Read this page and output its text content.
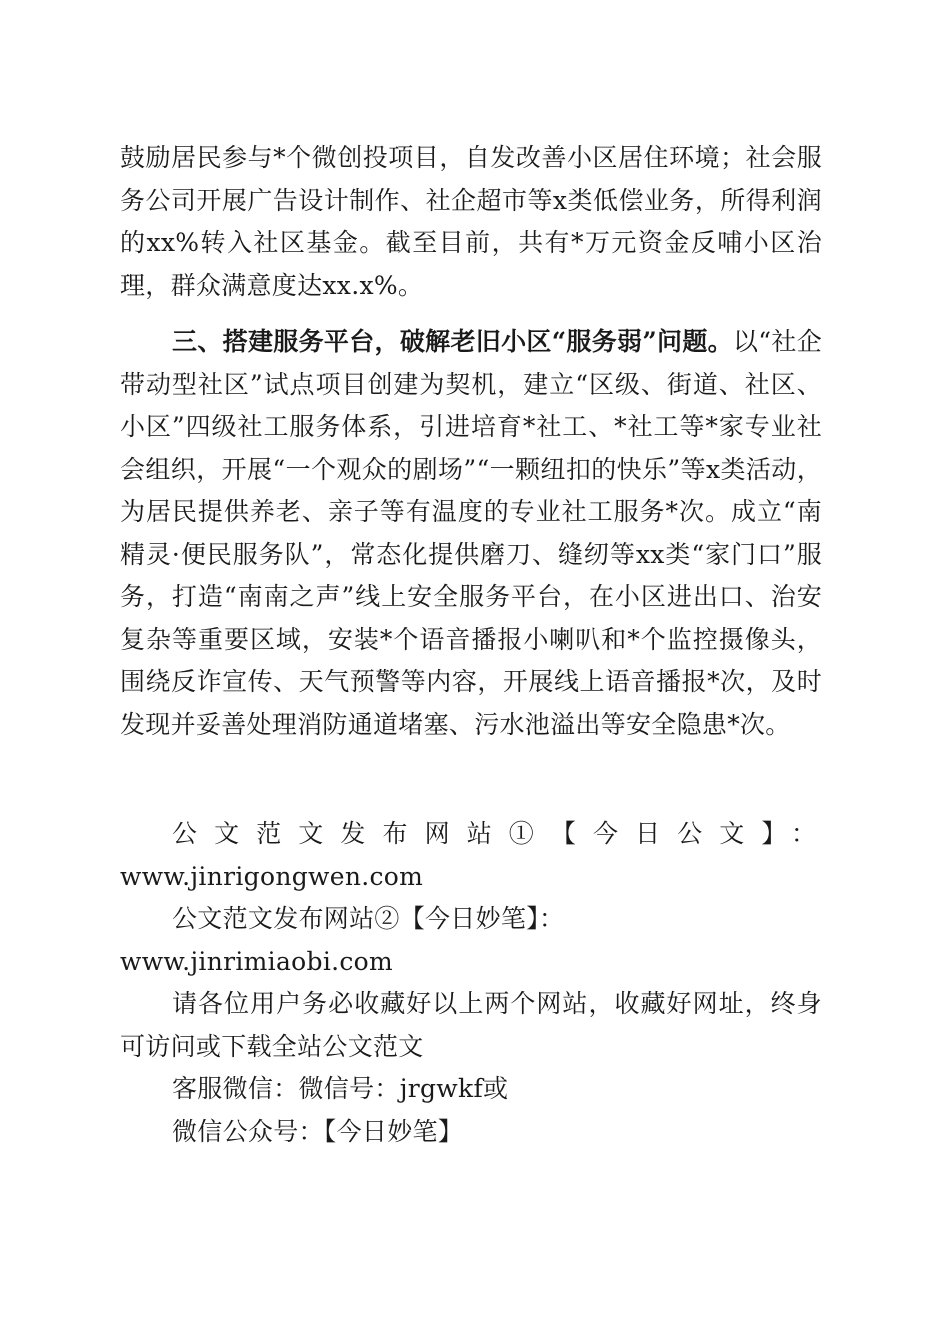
鼓励居民参与*个微创投项目，自发改善小区居住环境；社会服务公司开展广告设计制作、社企超市等x类低偿业务，所得利润的xx%转入社区基金。截至目前，共有*万元资金反哺小区治理，群众满意度达xx.x%。

三、搭建服务平台，破解老旧小区“服务弱”问题。以“社企带动型社区”试点项目创建为契机，建立“区级、街道、社区、小区”四级社工服务体系，引进培育*社工、*社工等*家专业社会组织，开展“一个观众的剧场”“一颗纽扣的快乐”等x类活动，为居民提供养老、亲子等有温度的专业社工服务*次。成立“南精灵·便民服务队”，常态化提供磨刀、缝纫等xx类“家门口”服务，打造“南南之声”线上安全服务平台，在小区进出口、治安复杂等重要区域，安装*个语音播报小喇叭和*个监控摄像头，围绕反诈宣传、天气预警等内容，开展线上语音播报*次，及时发现并妥善处理消防通道堵塞、污水池溢出等安全隐患*次。

公文范文发布网站①【今日公文】：
www.jinrigongwen.com
公文范文发布网站②【今日妙笔】：www.jinrimiaobi.com

请各位用户务必收藏好以上两个网站，收藏好网址，终身可访问或下载全站公文范文

客服微信：微信号：jrgwkf或
微信公众号：【今日妙笔】
